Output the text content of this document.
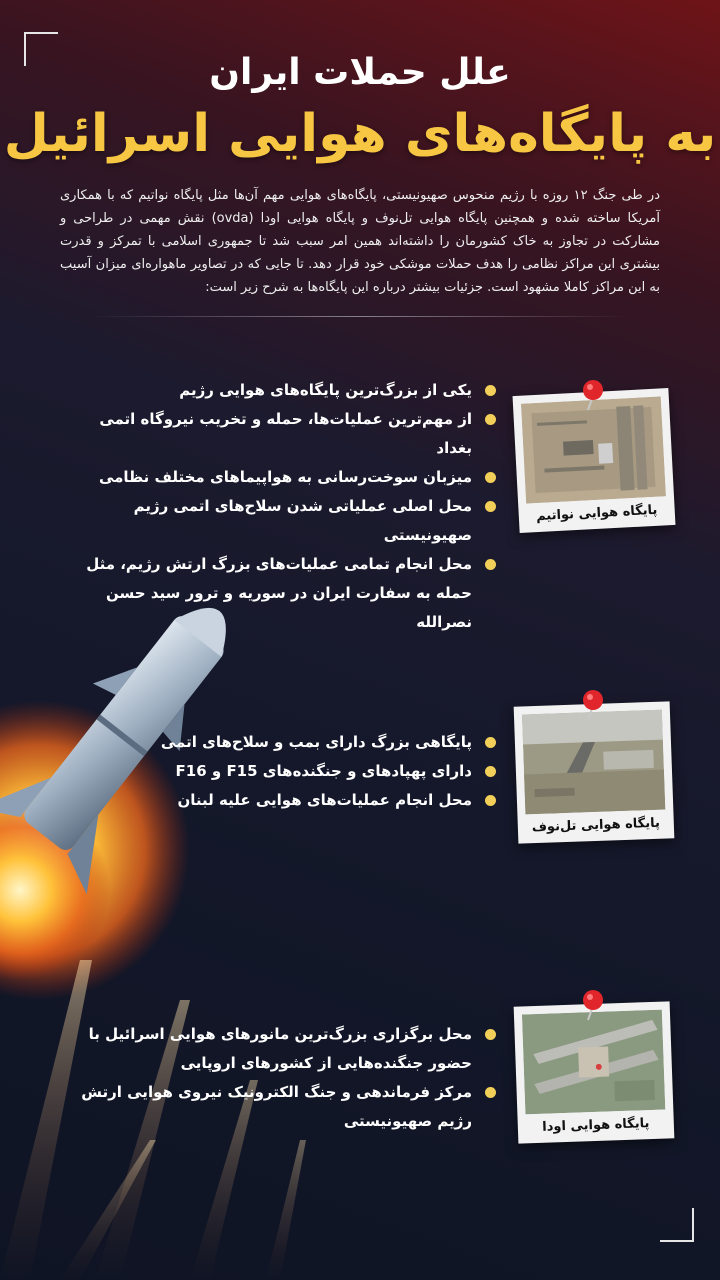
علل حملات ایران
به پایگاه‌های هوایی اسرائیل

در طی جنگ ۱۲ روزه با رژیم منحوس صهیونیستی، پایگاه‌های هوایی مهم آن‌ها مثل پایگاه نواتیم که با همکاری آمریکا ساخته شده و همچنین پایگاه هوایی تل‌نوف و پایگاه هوایی اودا (ovda) نقش مهمی در طراحی و مشارکت در تجاوز به خاک کشورمان را داشته‌اند همین امر سبب شد تا جمهوری اسلامی با تمرکز و قدرت بیشتری این مراکز نظامی را هدف حملات موشکی خود قرار دهد. تا جایی که در تصاویر ماهواره‌ای میزان آسیب به این مراکز کاملا مشهود است. جزئیات بیشتر درباره این پایگاه‌ها به شرح زیر است:

یکی از بزرگ‌ترین پایگاه‌های هوایی رژیم
از مهم‌ترین عملیات‌ها، حمله و تخریب نیروگاه اتمی بغداد
میزبان سوخت‌رسانی به هواپیماهای مختلف نظامی
محل اصلی عملیاتی شدن سلاح‌های اتمی رژیم صهیونیستی
محل انجام تمامی عملیات‌های بزرگ ارتش رژیم، مثل حمله به سفارت ایران در سوریه و ترور سید حسن نصرالله
پایگاه هوایی نواتیم
پایگاهی بزرگ دارای بمب و سلاح‌های اتمی
دارای پهپادهای و جنگنده‌های F15 و F16
محل انجام عملیات‌های هوایی علیه لبنان
پایگاه هوایی تل‌نوف
محل برگزاری بزرگ‌ترین مانورهای هوایی اسرائیل با حضور جنگنده‌هایی از کشورهای اروپایی
مرکز فرماندهی و جنگ الکترونیک نیروی هوایی ارتش رژیم صهیونیستی	پایگاه هوایی اودا
